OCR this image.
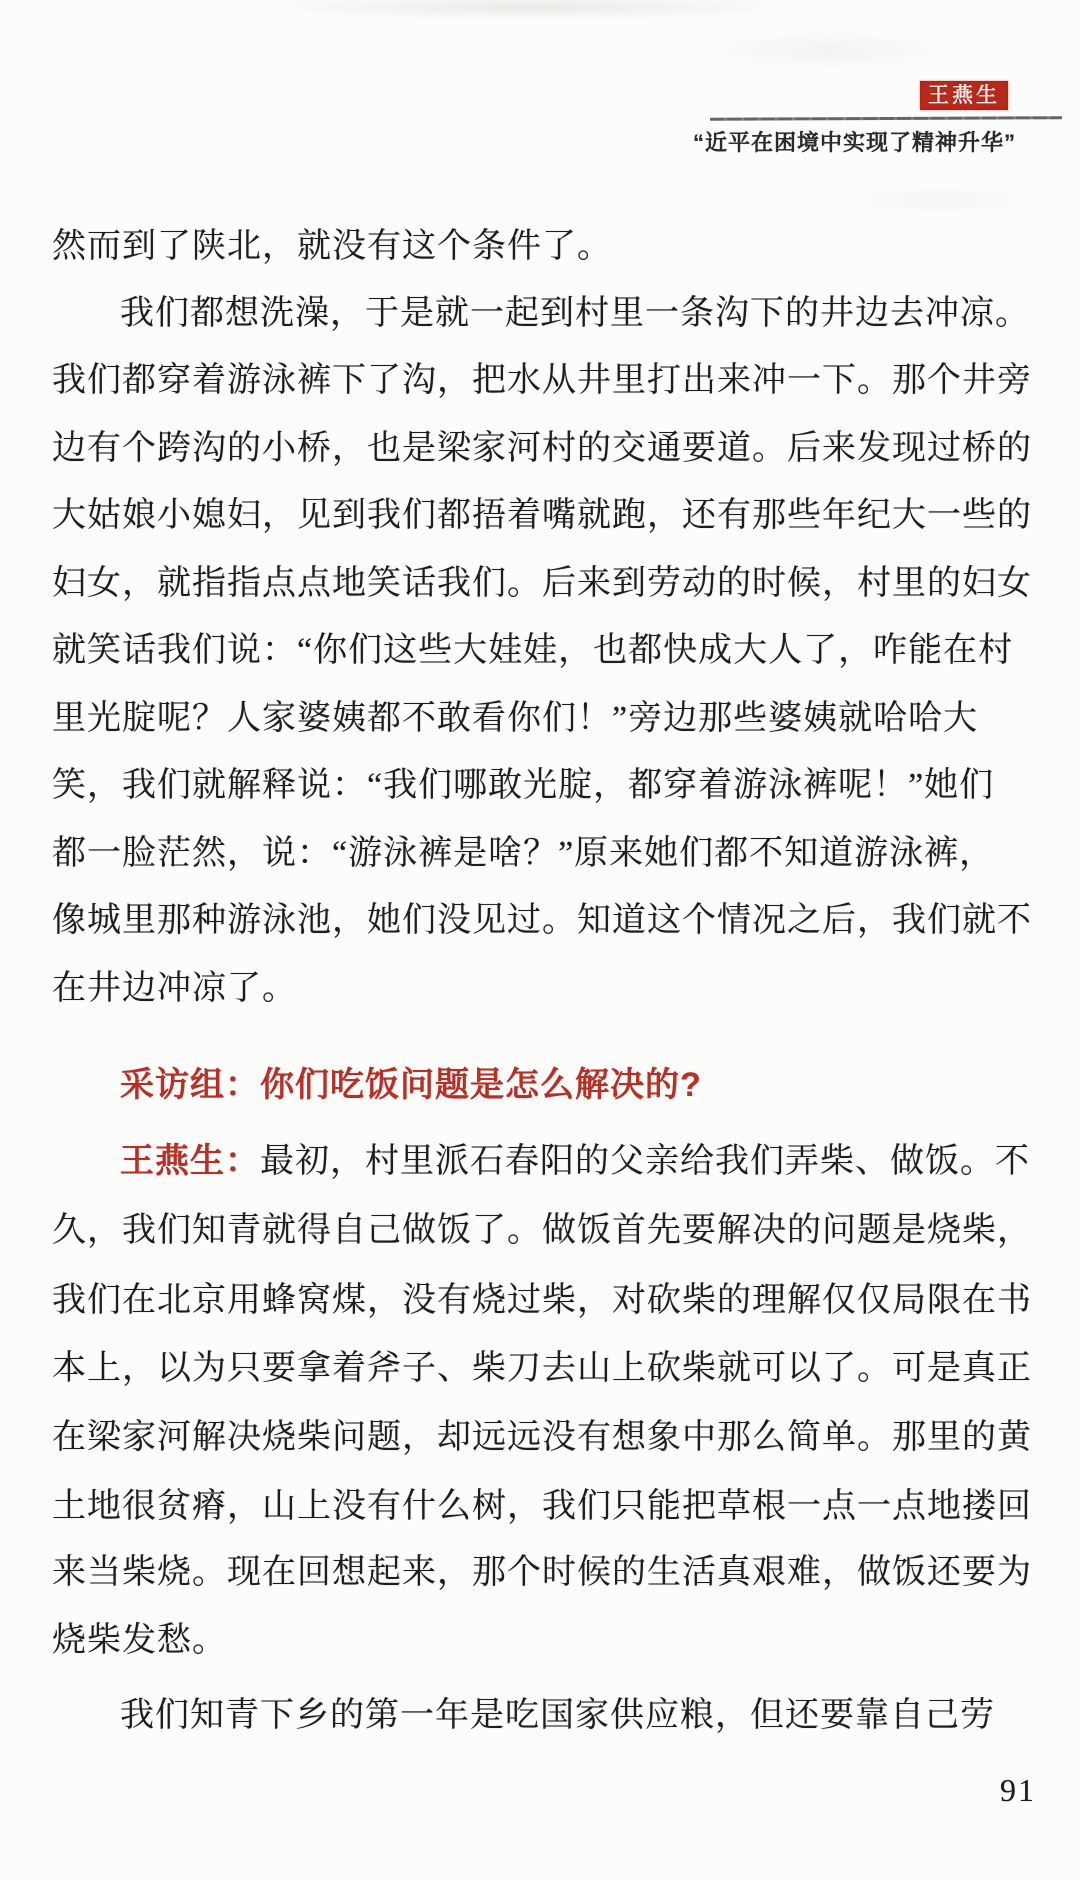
王燕生
“近平在困境中实现了精神升华”
然而到了陕北，就没有这个条件了。
我们都想洗澡，于是就一起到村里一条沟下的井边去冲凉。
我们都穿着游泳裤下了沟，把水从井里打出来冲一下。那个井旁
边有个跨沟的小桥，也是梁家河村的交通要道。后来发现过桥的
大姑娘小媳妇，见到我们都捂着嘴就跑，还有那些年纪大一些的
妇女，就指指点点地笑话我们。后来到劳动的时候，村里的妇女
就笑话我们说：“你们这些大娃娃，也都快成大人了，咋能在村
里光腚呢？人家婆姨都不敢看你们！”旁边那些婆姨就哈哈大
笑，我们就解释说：“我们哪敢光腚，都穿着游泳裤呢！”她们
都一脸茫然，说：“游泳裤是啥？”原来她们都不知道游泳裤，
像城里那种游泳池，她们没见过。知道这个情况之后，我们就不
在井边冲凉了。
采访组：你们吃饭问题是怎么解决的?
王燕生：最初，村里派石春阳的父亲给我们弄柴、做饭。不
久，我们知青就得自己做饭了。做饭首先要解决的问题是烧柴，
我们在北京用蜂窝煤，没有烧过柴，对砍柴的理解仅仅局限在书
本上，以为只要拿着斧子、柴刀去山上砍柴就可以了。可是真正
在梁家河解决烧柴问题，却远远没有想象中那么简单。那里的黄
土地很贫瘠，山上没有什么树，我们只能把草根一点一点地搂回
来当柴烧。现在回想起来，那个时候的生活真艰难，做饭还要为
烧柴发愁。
我们知青下乡的第一年是吃国家供应粮，但还要靠自己劳
91
